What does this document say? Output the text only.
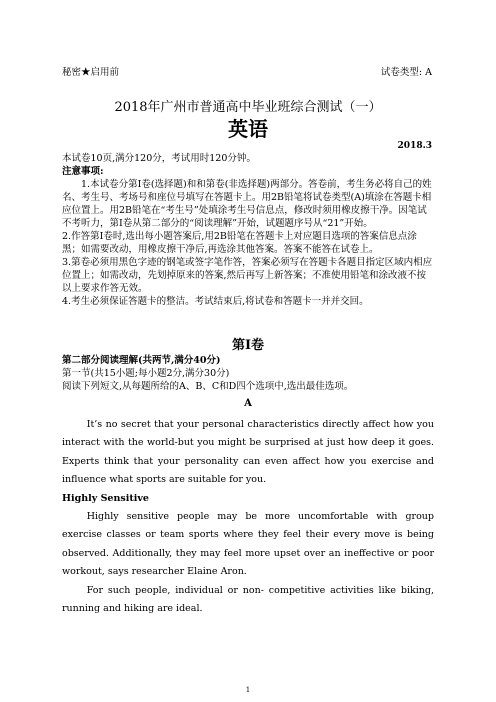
秘密★启用前	试卷类型: A
2018年广州市普通高中毕业班综合测试（一）
英语
2018.3

本试卷10页,满分120分，考试用时120分钟。

注意事项:

1.本试卷分第I卷(选择题)和和第卷(非选择题)两部分。答卷前，考生务必将自己的姓名、考生号、考场号和座位号填写在答题卡上。用2B铅笔将试卷类型(A)填涂在答题卡相应位置上。用2B铅笔在“考生号”处填涂考生号信息点，修改时须用橡皮擦干净。因笔试不考听力，第I卷从第二部分的“阅读理解”开始，试题题序号从“21”开始。

2.作答第I卷时,选出每小题答案后,用2B铅笔在答题卡上对应题目选项的答案信息点涂黑；如需要改动，用橡皮擦干净后,再选涂其他答案。答案不能答在试卷上。

3.第卷必须用黑色字迹的钢笔或签字笔作答，答案必须写在答题卡各题目指定区域内相应位置上；如需改动，先划掉原来的答案,然后再写上新答案；不准使用铅笔和涂改液不按以上要求作答无效。

4.考生必须保证答题卡的整洁。考试结束后,将试卷和答题卡一并并交回。

第I卷

第二部分阅读理解(共两节,满分40分)

第一节(共15小题;每小题2分,满分30分)

阅读下列短文,从每题所给的A、B、C和D四个选项中,选出最佳选项。

A

It’s no secret that your personal characteristics directly affect how you interact with the world-but you might be surprised at just how deep it goes. Experts think that your personality can even affect how you exercise and influence what sports are suitable for you.

Highly Sensitive

Highly sensitive people may be more uncomfortable with group exercise classes or team sports where they feel their every move is being observed. Additionally, they may feel more upset over an ineffective or poor workout, says researcher Elaine Aron.

For such people, individual or non- competitive activities like biking, running and hiking are ideal.

1
